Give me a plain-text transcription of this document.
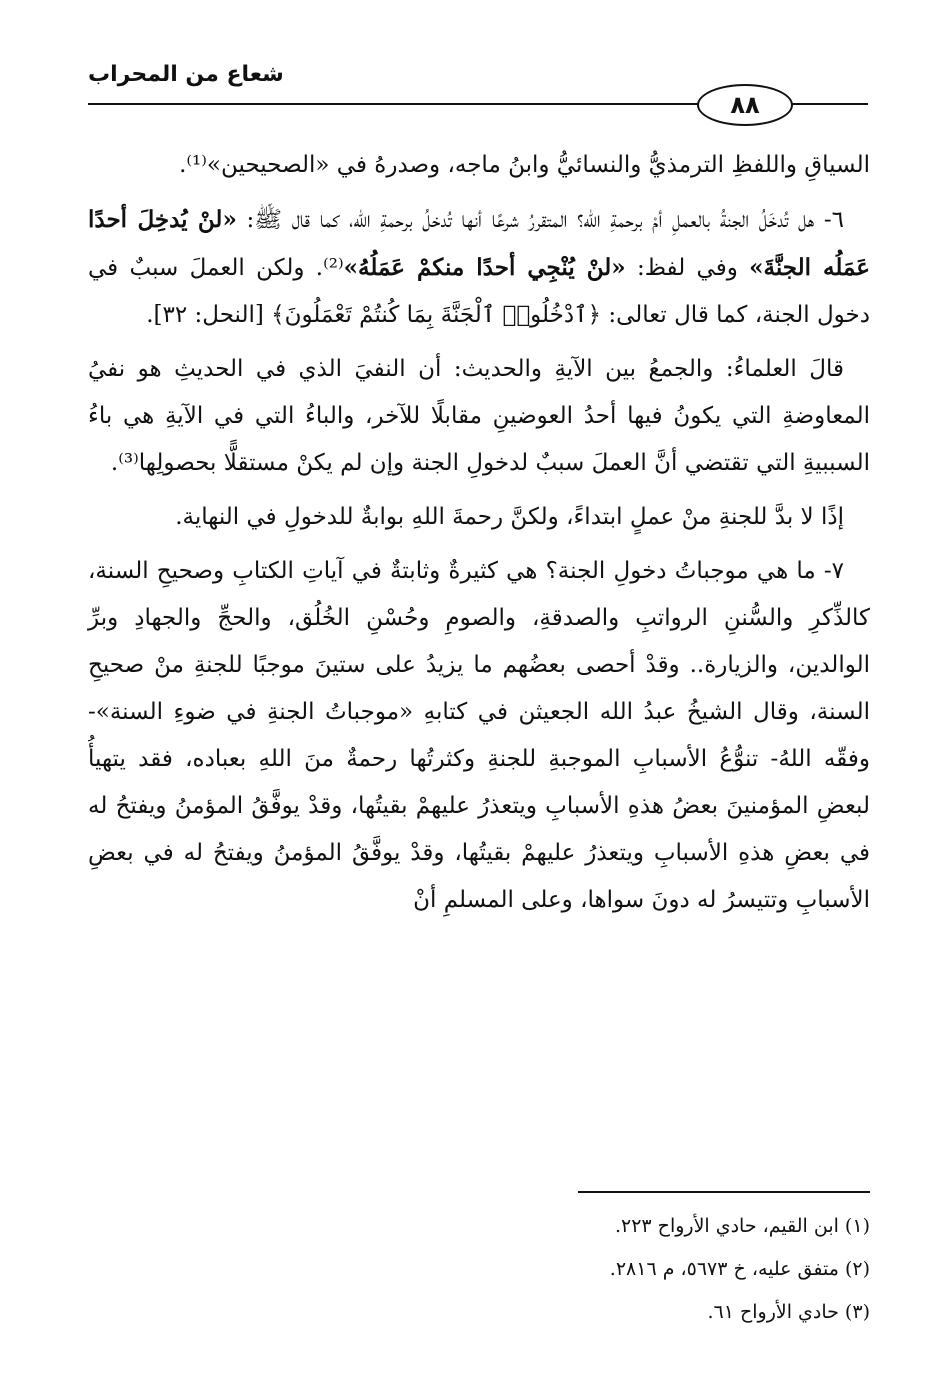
شعاع من المحراب
٨٨

السياقِ واللفظِ الترمذيُّ والنسائيُّ وابنُ ماجه، وصدرهُ في «الصحيحين»⁽¹⁾.

٦- هل تُدخَلُ الجنةُ بالعملِ أمْ برحمةِ الله؟ المتقررُ شرعًا أنها تُدخلُ برحمةِ الله، كما قال ﷺ: «لنْ يُدخِلَ أحدًا عَمَلُه الجنَّةَ» وفي لفظ: «لنْ يُنْجِي أحدًا منكمْ عَمَلُهُ»⁽²⁾. ولكن العملَ سببٌ في دخول الجنة، كما قال تعالى: ﴿ٱدْخُلُوا۟ ٱلْجَنَّةَ بِمَا كُنتُمْ تَعْمَلُونَ﴾ [النحل: ٣٢].

قالَ العلماءُ: والجمعُ بين الآيةِ والحديث: أن النفيَ الذي في الحديثِ هو نفيُ المعاوضةِ التي يكونُ فيها أحدُ العوضينِ مقابلًا للآخر، والباءُ التي في الآيةِ هي باءُ السببيةِ التي تقتضي أنَّ العملَ سببٌ لدخولِ الجنة وإن لم يكنْ مستقلًّا بحصولِها⁽³⁾.

إذًا لا بدَّ للجنةِ منْ عملٍ ابتداءً، ولكنَّ رحمةَ اللهِ بوابةٌ للدخولِ في النهاية.

٧- ما هي موجباتُ دخولِ الجنة؟ هي كثيرةٌ وثابتةٌ في آياتِ الكتابِ وصحيحِ السنة، كالذِّكرِ والسُّننِ الرواتبِ والصدقةِ، والصومِ وحُسْنِ الخُلُق، والحجِّ والجهادِ وبرِّ الوالدين، والزيارة.. وقدْ أحصى بعضُهم ما يزيدُ على ستينَ موجبًا للجنةِ منْ صحيحِ السنة، وقال الشيخُ عبدُ الله الجعيثن في كتابهِ «موجباتُ الجنةِ في ضوءِ السنة»- وفقّه اللهُ- تنوُّعُ الأسبابِ الموجبةِ للجنةِ وكثرتُها رحمةٌ منَ اللهِ بعباده، فقد يتهيأُ لبعضِ المؤمنينَ بعضُ هذهِ الأسبابِ ويتعذرُ عليهمْ بقيتُها، وقدْ يوفَّقُ المؤمنُ ويفتحُ له في بعضِ هذهِ الأسبابِ ويتعذرُ عليهمْ بقيتُها، وقدْ يوفَّقُ المؤمنُ ويفتحُ له في بعضِ الأسبابِ وتتيسرُ له دونَ سواها، وعلى المسلمِ أنْ

(١) ابن القيم، حادي الأرواح ٢٢٣.
(٢) متفق عليه، خ ٥٦٧٣، م ٢٨١٦.
(٣) حادي الأرواح ٦١.
